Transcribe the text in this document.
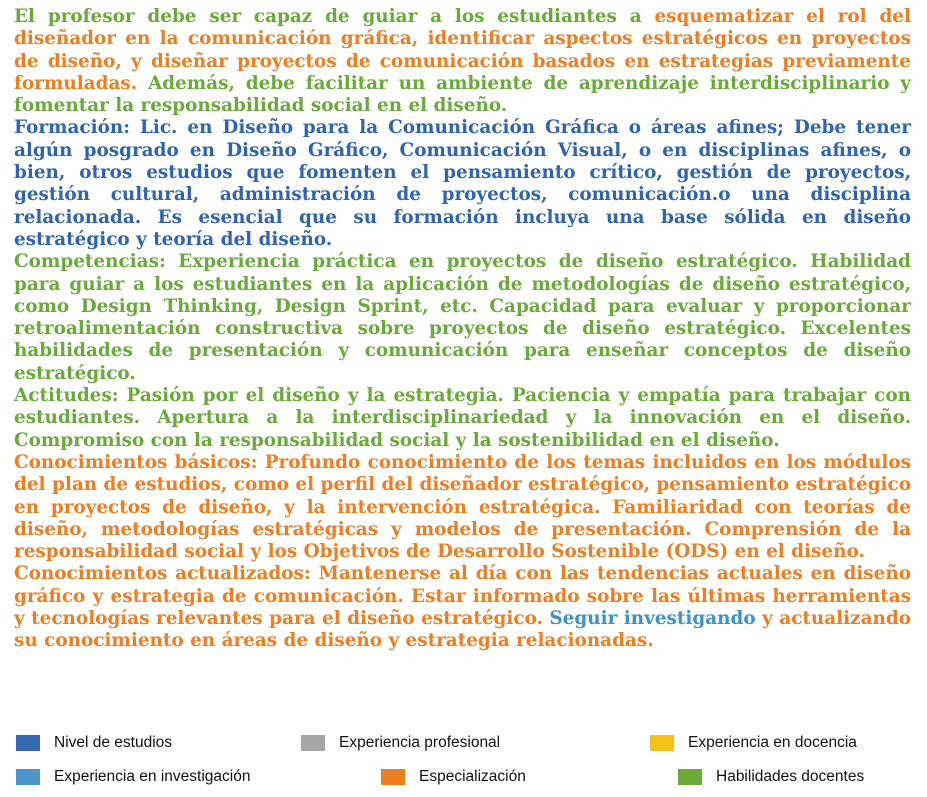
El profesor debe ser capaz de guiar a los estudiantes a esquematizar el rol del diseñador en la comunicación gráfica, identificar aspectos estratégicos en proyectos de diseño, y diseñar proyectos de comunicación basados en estrategias previamente formuladas. Además, debe facilitar un ambiente de aprendizaje interdisciplinario y fomentar la responsabilidad social en el diseño.

Formación: Lic. en Diseño para la Comunicación Gráfica o áreas afines; Debe tener algún posgrado en Diseño Gráfico, Comunicación Visual, o en disciplinas afines, o bien, otros estudios que fomenten el pensamiento crítico, gestión de proyectos, gestión cultural, administración de proyectos, comunicación.o una disciplina relacionada. Es esencial que su formación incluya una base sólida en diseño estratégico y teoría del diseño.

Competencias: Experiencia práctica en proyectos de diseño estratégico. Habilidad para guiar a los estudiantes en la aplicación de metodologías de diseño estratégico, como Design Thinking, Design Sprint, etc. Capacidad para evaluar y proporcionar retroalimentación constructiva sobre proyectos de diseño estratégico. Excelentes habilidades de presentación y comunicación para enseñar conceptos de diseño estratégico.

Actitudes: Pasión por el diseño y la estrategia. Paciencia y empatía para trabajar con estudiantes. Apertura a la interdisciplinariedad y la innovación en el diseño. Compromiso con la responsabilidad social y la sostenibilidad en el diseño.

Conocimientos básicos: Profundo conocimiento de los temas incluidos en los módulos del plan de estudios, como el perfil del diseñador estratégico, pensamiento estratégico en proyectos de diseño, y la intervención estratégica. Familiaridad con teorías de diseño, metodologías estratégicas y modelos de presentación. Comprensión de la responsabilidad social y los Objetivos de Desarrollo Sostenible (ODS) en el diseño.

Conocimientos actualizados: Mantenerse al día con las tendencias actuales en diseño gráfico y estrategia de comunicación. Estar informado sobre las últimas herramientas y tecnologías relevantes para el diseño estratégico. Seguir investigando y actualizando su conocimiento en áreas de diseño y estrategia relacionadas.

Nivel de estudios	Experiencia profesional	Experiencia en docencia
Experiencia en investigación	Especialización	Habilidades docentes
